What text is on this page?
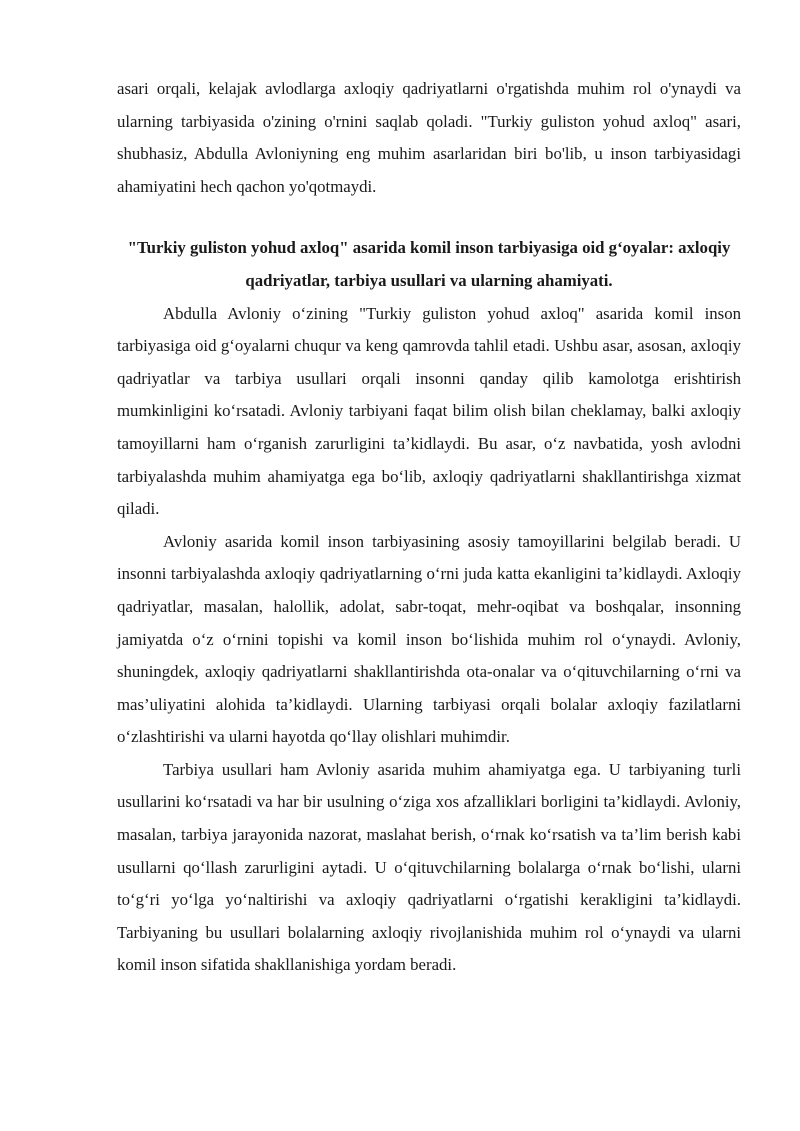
asari orqali, kelajak avlodlarga axloqiy qadriyatlarni o'rgatishda muhim rol o'ynaydi va ularning tarbiyasida o'zining o'rnini saqlab qoladi. "Turkiy guliston yohud axloq" asari, shubhasiz, Abdulla Avloniyning eng muhim asarlaridan biri bo'lib, u inson tarbiyasidagi ahamiyatini hech qachon yo'qotmaydi.

"Turkiy guliston yohud axloq" asarida komil inson tarbiyasiga oid g‘oyalar: axloqiy qadriyatlar, tarbiya usullari va ularning ahamiyati.

Abdulla Avloniy o‘zining "Turkiy guliston yohud axloq" asarida komil inson tarbiyasiga oid g‘oyalarni chuqur va keng qamrovda tahlil etadi. Ushbu asar, asosan, axloqiy qadriyatlar va tarbiya usullari orqali insonni qanday qilib kamolotga erishtirish mumkinligini ko‘rsatadi. Avloniy tarbiyani faqat bilim olish bilan cheklamay, balki axloqiy tamoyillarni ham o‘rganish zarurligini ta’kidlaydi. Bu asar, o‘z navbatida, yosh avlodni tarbiyalashda muhim ahamiyatga ega bo‘lib, axloqiy qadriyatlarni shakllantirishga xizmat qiladi.

Avloniy asarida komil inson tarbiyasining asosiy tamoyillarini belgilab beradi. U insonni tarbiyalashda axloqiy qadriyatlarning o‘rni juda katta ekanligini ta’kidlaydi. Axloqiy qadriyatlar, masalan, halollik, adolat, sabr-toqat, mehr-oqibat va boshqalar, insonning jamiyatda o‘z o‘rnini topishi va komil inson bo‘lishida muhim rol o‘ynaydi. Avloniy, shuningdek, axloqiy qadriyatlarni shakllantirishda ota-onalar va o‘qituvchilarning o‘rni va mas’uliyatini alohida ta’kidlaydi. Ularning tarbiyasi orqali bolalar axloqiy fazilatlarni o‘zlashtirishi va ularni hayotda qo‘llay olishlari muhimdir.

Tarbiya usullari ham Avloniy asarida muhim ahamiyatga ega. U tarbiyaning turli usullarini ko‘rsatadi va har bir usulning o‘ziga xos afzalliklari borligini ta’kidlaydi. Avloniy, masalan, tarbiya jarayonida nazorat, maslahat berish, o‘rnak ko‘rsatish va ta’lim berish kabi usullarni qo‘llash zarurligini aytadi. U o‘qituvchilarning bolalarga o‘rnak bo‘lishi, ularni to‘g‘ri yo‘lga yo‘naltirishi va axloqiy qadriyatlarni o‘rgatishi kerakligini ta’kidlaydi. Tarbiyaning bu usullari bolalarning axloqiy rivojlanishida muhim rol o‘ynaydi va ularni komil inson sifatida shakllanishiga yordam beradi.
